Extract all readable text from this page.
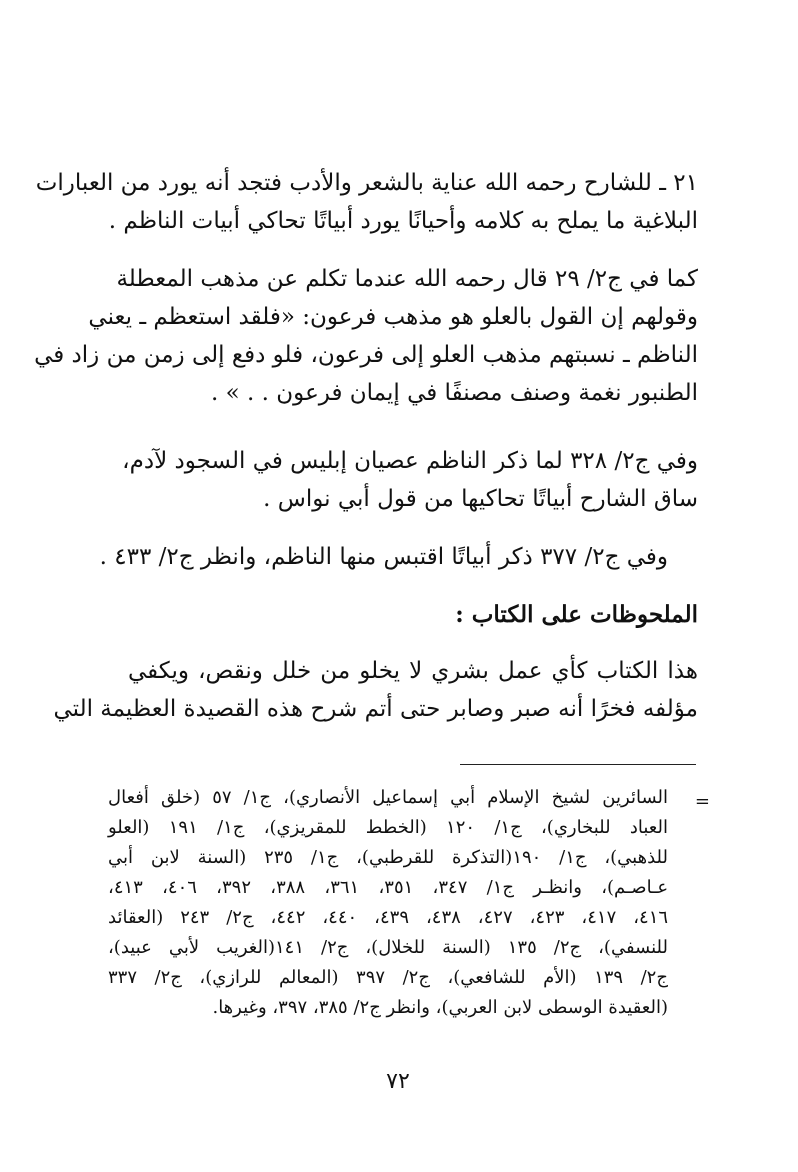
٢١ ـ للشارح رحمه الله عناية بالشعر والأدب فتجد أنه يورد من العبارات
البلاغية ما يملح به كلامه وأحيانًا يورد أبياتًا تحاكي أبيات الناظم .
كما في ج٢/ ٢٩ قال رحمه الله عندما تكلم عن مذهب المعطلة
وقولهم إن القول بالعلو هو مذهب فرعون: «فلقد استعظم ـ يعني
الناظم ـ نسبتهم مذهب العلو إلى فرعون، فلو دفع إلى زمن من زاد في
الطنبور نغمة وصنف مصنفًا في إيمان فرعون . . » .
وفي ج٢/ ٣٢٨ لما ذكر الناظم عصيان إبليس في السجود لآدم،
ساق الشارح أبياتًا تحاكيها من قول أبي نواس .
وفي ج٢/ ٣٧٧ ذكر أبياتًا اقتبس منها الناظم، وانظر ج٢/ ٤٣٣ .
الملحوظات على الكتاب :
هذا الكتاب كأي عمل بشري لا يخلو من خلل ونقص، ويكفي
مؤلفه فخرًا أنه صبر وصابر حتى أتم شرح هذه القصيدة العظيمة التي
=
السائرين لشيخ الإسلام أبي إسماعيل الأنصاري)، ج١/ ٥٧ (خلق أفعال
العباد للبخاري)، ج١/ ١٢٠ (الخطط للمقريزي)، ج١/ ١٩١ (العلو
للذهبي)، ج١/ ١٩٠(التذكرة للقرطبي)، ج١/ ٢٣٥ (السنة لابن أبي
عـاصـم)، وانظـر ج١/ ٣٤٧، ٣٥١، ٣٦١، ٣٨٨، ٣٩٢، ٤٠٦، ٤١٣،
٤١٦، ٤١٧، ٤٢٣، ٤٢٧، ٤٣٨، ٤٣٩، ٤٤٠، ٤٤٢، ج٢/ ٢٤٣ (العقائد
للنسفي)، ج٢/ ١٣٥ (السنة للخلال)، ج٢/ ١٤١(الغريب لأبي عبيد)،
ج٢/ ١٣٩ (الأم للشافعي)، ج٢/ ٣٩٧ (المعالم للرازي)، ج٢/ ٣٣٧
(العقيدة الوسطى لابن العربي)، وانظر ج٢/ ٣٨٥، ٣٩٧، وغيرها.
٧٢
